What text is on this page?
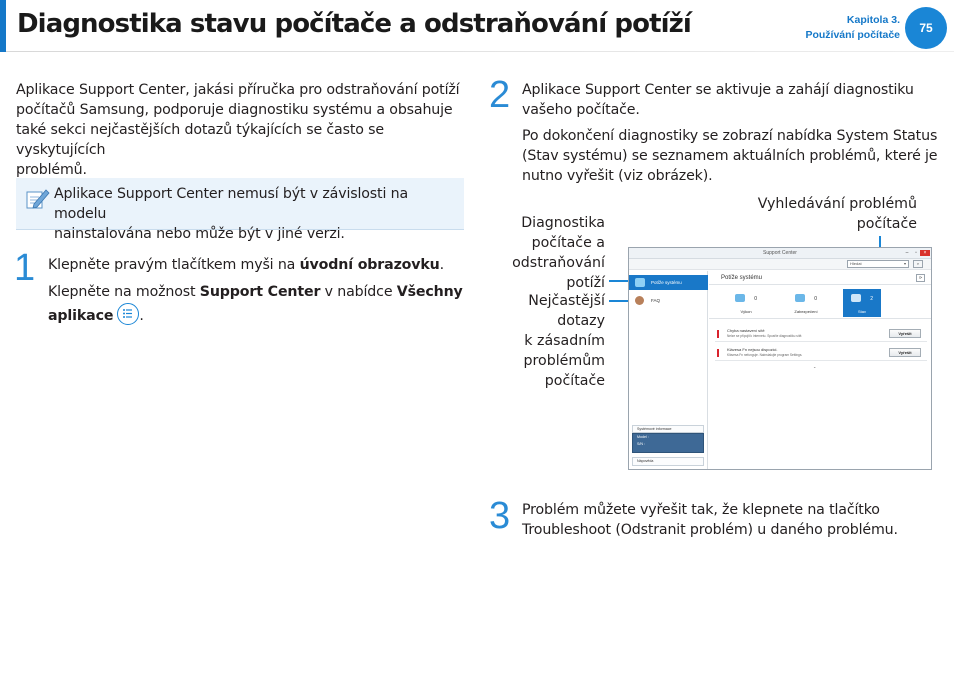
Diagnostika stavu počítače a odstraňování potíží	Kapitola 3.
Používání počítače	75
Aplikace Support Center, jakási příručka pro odstraňování potíží
počítačů Samsung, podporuje diagnostiku systému a obsahuje
také sekci nejčastějších dotazů týkajících se často se vyskytujících
problémů.
Aplikace Support Center nemusí být v závislosti na modelu
nainstalována nebo může být v jiné verzi.
1 Klepněte pravým tlačítkem myši na úvodní obrazovku.
Klepněte na možnost Support Center v nabídce Všechny
aplikace .
2 Aplikace Support Center se aktivuje a zahájí diagnostiku
vašeho počítače.
Po dokončení diagnostiky se zobrazí nabídka System Status
(Stav systému) se seznamem aktuálních problémů, které je
nutno vyřešit (viz obrázek).
Vyhledávání problémů
počítače
Diagnostika
počítače a
odstraňování
potíží
Nejčastější
dotazy
k zásadním
problémům
počítače
Support Center	–	▫	×
Hledat	▾	⌕
Potíže systému
FAQ
Systémové informace
Model :
S/N :
Nápověda
Potíže systému	⟳
0
Výkon
0
Zabezpečení
2
Stav
Chyba nastavení sítě
Nelze se připojit k internetu. Spusťte diagnostiku sítě.	Vyřešit
Klávesa Fn nejsou dispozici.
Klávesa Fn nefunguje. Nainstalujte program Settings.	Vyřešit
⌄
3 Problém můžete vyřešit tak, že klepnete na tlačítko
Troubleshoot (Odstranit problém) u daného problému.
